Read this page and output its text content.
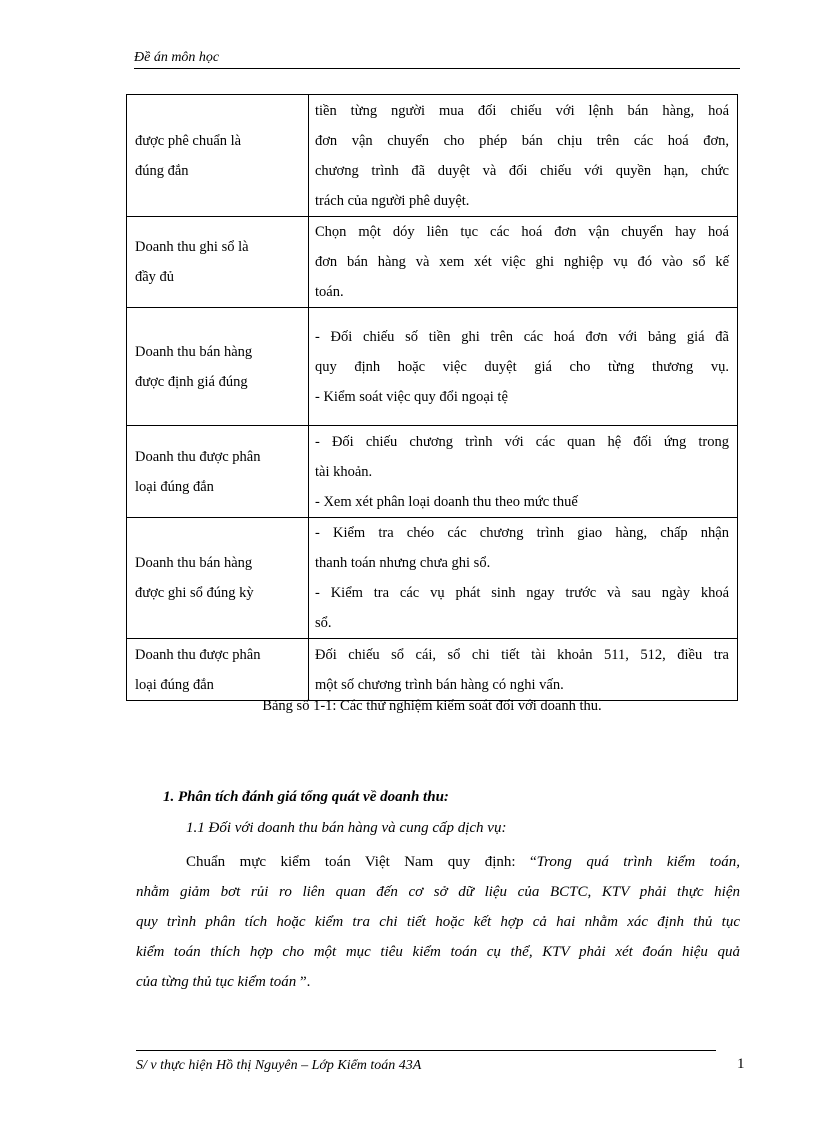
Đề án môn học
được phê chuẩn là
đúng đắn	tiền từng người mua đối chiếu với lệnh bán hàng, hoá
đơn vận chuyển cho phép bán chịu trên các hoá đơn,
chương trình đã duyệt và đối chiếu với quyền hạn, chức
trách của người phê duyệt.

Doanh thu ghi sổ là
đầy đủ	Chọn một dóy liên tục các hoá đơn vận chuyển hay hoá
đơn bán hàng và xem xét việc ghi nghiệp vụ đó vào sổ kế
toán.

Doanh thu bán hàng
được định giá đúng	- Đối chiếu số tiền ghi trên các hoá đơn với bảng giá đã
quy định hoặc việc duyệt giá cho từng thương vụ.
- Kiểm soát việc quy đổi ngoại tệ

Doanh thu được phân
loại đúng đắn	- Đối chiếu chương trình với các quan hệ đối ứng trong
tài khoản.
- Xem xét phân loại doanh thu theo mức thuế

Doanh thu bán hàng
được ghi sổ đúng kỳ	- Kiểm tra chéo các chương trình giao hàng, chấp nhận
thanh toán nhưng chưa ghi sổ.
- Kiểm tra các vụ phát sinh ngay trước và sau ngày khoá
sổ.

Doanh thu được phân
loại đúng đắn	Đối chiếu sổ cái, sổ chi tiết tài khoản 511, 512, điều tra
một số chương trình bán hàng có nghi vấn.
Bảng số 1-1: Các thử nghiệm kiểm soát đối với doanh thu.
1. Phân tích đánh giá tổng quát về doanh thu:
1.1 Đối với doanh thu bán hàng và cung cấp dịch vụ:
Chuẩn mực kiểm toán Việt Nam quy định: “Trong quá trình kiểm toán,
nhằm giảm bơt rủi ro liên quan đến cơ sở dữ liệu của BCTC, KTV phải thực hiện
quy trình phân tích hoặc kiểm tra chi tiết hoặc kết hợp cả hai nhằm xác định thủ tục
kiểm toán thích hợp cho một mục tiêu kiểm toán cụ thể, KTV phải xét đoán hiệu quả
của từng thủ tục kiểm toán ”.
S/ v thực hiện Hồ thị Nguyên – Lớp Kiểm toán 43A	1
